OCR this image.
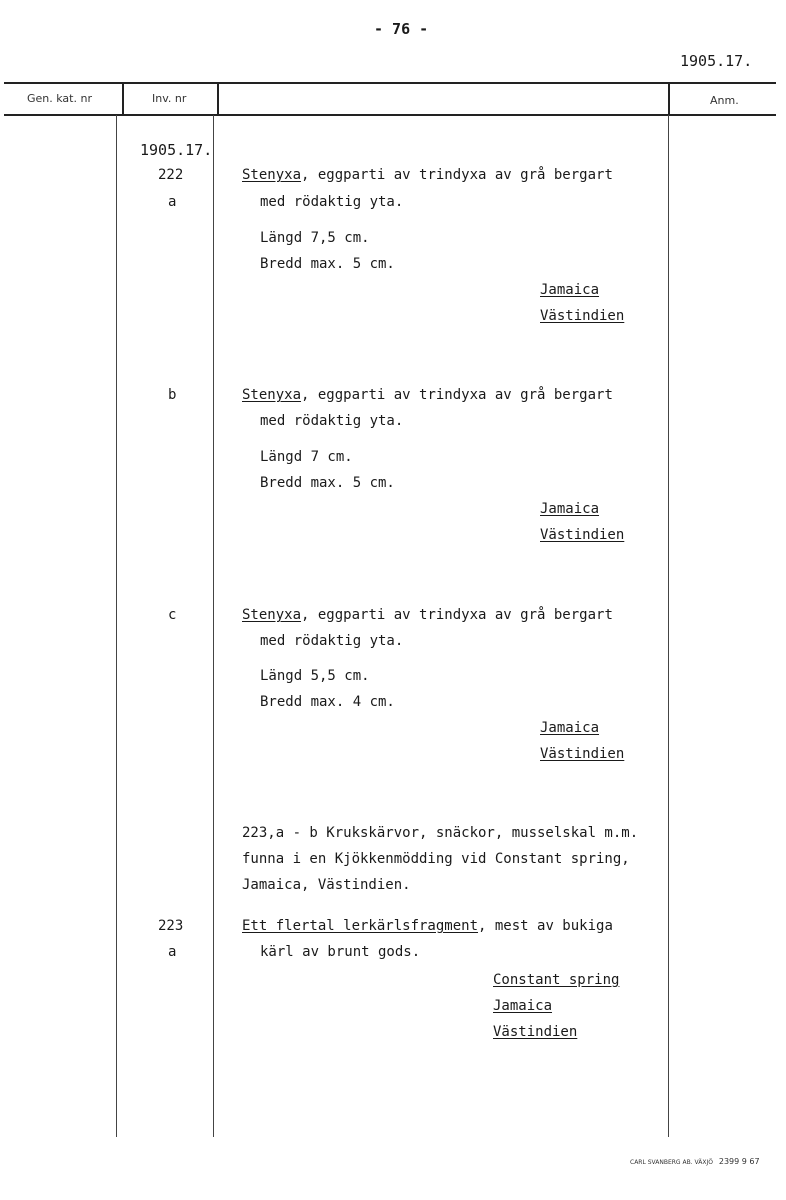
- 76 -
1905.17.
Gen. kat. nr	Inv. nr	Anm.
1905.17.
222
a
b
c
223
a
Stenyxa, eggparti av trindyxa av grå bergart
med rödaktig yta.
Längd 7,5 cm.
Bredd max. 5 cm.
Jamaica
Västindien
Stenyxa, eggparti av trindyxa av grå bergart
med rödaktig yta.
Längd 7 cm.
Bredd max. 5 cm.
Jamaica
Västindien
Stenyxa, eggparti av trindyxa av grå bergart
med rödaktig yta.
Längd 5,5 cm.
Bredd max. 4 cm.
Jamaica
Västindien
223,a - b Krukskärvor, snäckor, musselskal m.m.
funna i en Kjökkenmödding vid Constant spring,
Jamaica, Västindien.
Ett flertal lerkärlsfragment, mest av bukiga
kärl av brunt gods.
Constant spring
Jamaica
Västindien
CARL SVANBERG AB. VÄXJÖ 2399 9 67
